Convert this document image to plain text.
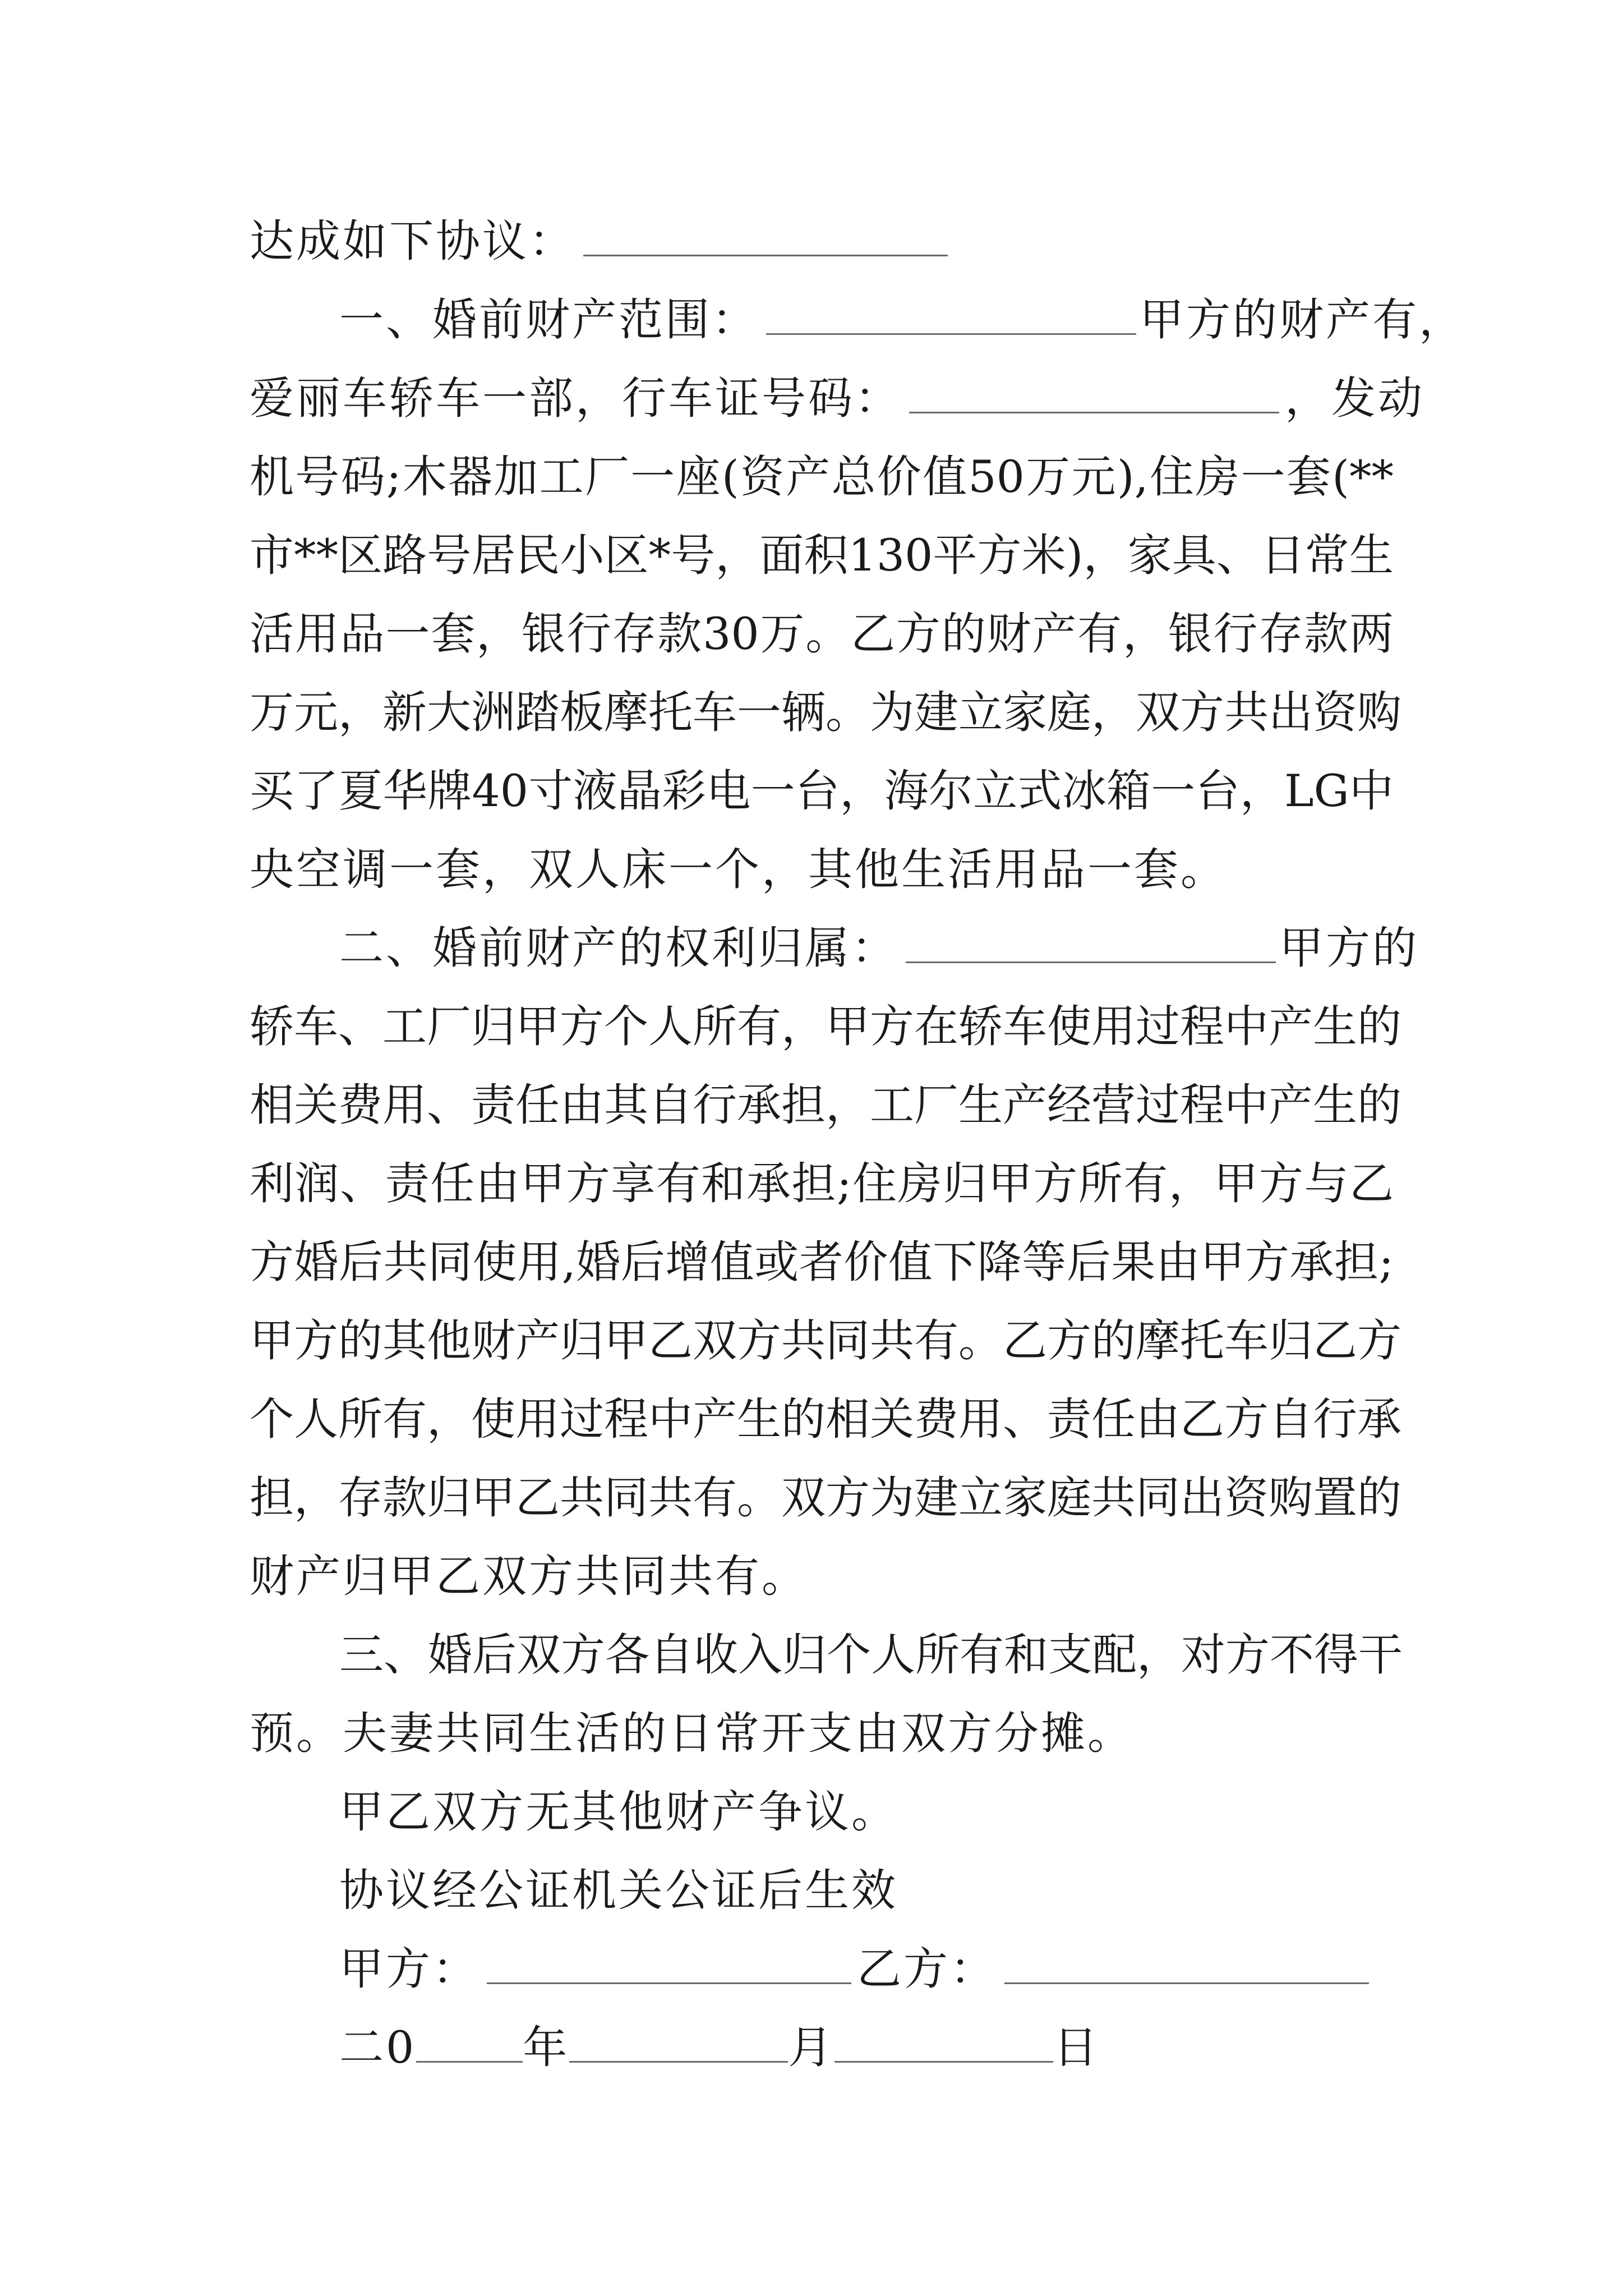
达成如下协议：
一、婚前财产范围：	甲方的财产有，
爱丽车轿车一部，行车证号码：	，发动
机号码;木器加工厂一座(资产总价值50万元),住房一套(**
市**区路号居民小区*号，面积130平方米)，家具、日常生
活用品一套，银行存款30万。乙方的财产有，银行存款两
万元，新大洲踏板摩托车一辆。为建立家庭，双方共出资购
买了夏华牌40寸液晶彩电一台，海尔立式冰箱一台，LG中
央空调一套，双人床一个，其他生活用品一套。
二、婚前财产的权利归属：	甲方的
轿车、工厂归甲方个人所有，甲方在轿车使用过程中产生的
相关费用、责任由其自行承担，工厂生产经营过程中产生的
利润、责任由甲方享有和承担;住房归甲方所有，甲方与乙
方婚后共同使用,婚后增值或者价值下降等后果由甲方承担;
甲方的其他财产归甲乙双方共同共有。乙方的摩托车归乙方
个人所有，使用过程中产生的相关费用、责任由乙方自行承
担，存款归甲乙共同共有。双方为建立家庭共同出资购置的
财产归甲乙双方共同共有。
三、婚后双方各自收入归个人所有和支配，对方不得干
预。夫妻共同生活的日常开支由双方分摊。
甲乙双方无其他财产争议。
协议经公证机关公证后生效
甲方：	乙方：
二0 年	月	日
